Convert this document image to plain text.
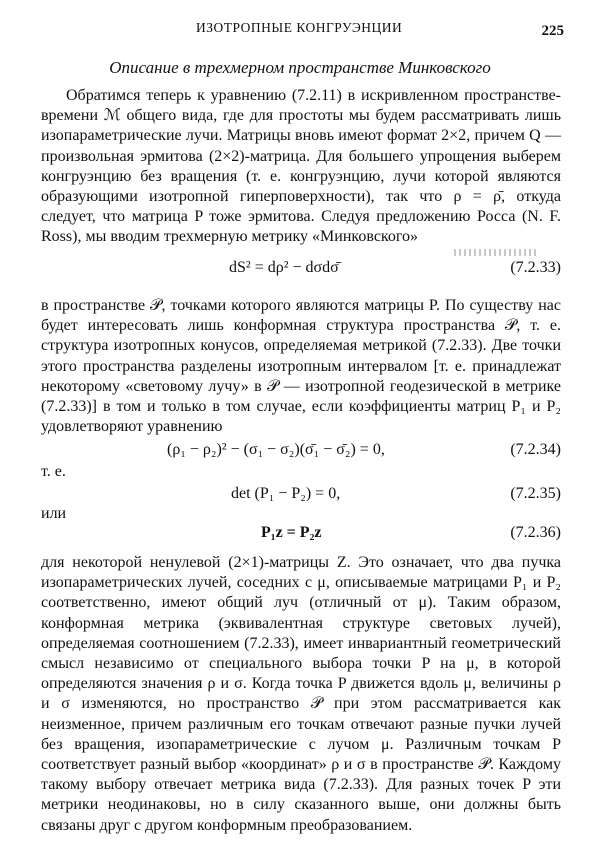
ИЗОТРОПНЫЕ КОНГРУЭНЦИИ	225
Описание в трехмерном пространстве Минковского

Обратимся теперь к уравнению (7.2.11) в искривленном пространстве-времени ℳ общего вида, где для простоты мы будем рассматривать лишь изопараметрические лучи. Матрицы вновь имеют формат 2×2, причем Q — произвольная эрмитова (2×2)-матрица. Для большего упрощения выберем конгруэнцию без вращения (т. е. конгруэнцию, лучи которой являются образующими изотропной гиперповерхности), так что ρ = ρ̄, откуда следует, что матрица P тоже эрмитова. Следуя предложению Росса (N. F. Ross), мы вводим трехмерную метрику «Минковского»

dS² = dρ² − dσdσ̄	(7.2.33)

в пространстве 𝒫, точками которого являются матрицы P. По существу нас будет интересовать лишь конформная структура пространства 𝒫, т. е. структура изотропных конусов, определяемая метрикой (7.2.33). Две точки этого пространства разделены изотропным интервалом [т. е. принадлежат некоторому «световому лучу» в 𝒫 — изотропной геодезической в метрике (7.2.33)] в том и только в том случае, если коэффициенты матриц P₁ и P₂ удовлетворяют уравнению

(ρ₁ − ρ₂)² − (σ₁ − σ₂)(σ̄₁ − σ̄₂) = 0,	(7.2.34)
т. е.
det (P₁ − P₂) = 0,	(7.2.35)
или
P₁z = P₂z	(7.2.36)

для некоторой ненулевой (2×1)-матрицы Z. Это означает, что два пучка изопараметрических лучей, соседних с μ, описываемые матрицами P₁ и P₂ соответственно, имеют общий луч (отличный от μ). Таким образом, конформная метрика (эквивалентная структуре световых лучей), определяемая соотношением (7.2.33), имеет инвариантный геометрический смысл независимо от специального выбора точки P на μ, в которой определяются значения ρ и σ. Когда точка P движется вдоль μ, величины ρ и σ изменяются, но пространство 𝒫 при этом рассматривается как неизменное, причем различным его точкам отвечают разные пучки лучей без вращения, изопараметрические с лучом μ. Различным точкам P соответствует разный выбор «координат» ρ и σ в пространстве 𝒫. Каждому такому выбору отвечает метрика вида (7.2.33). Для разных точек P эти метрики неодинаковы, но в силу сказанного выше, они должны быть связаны друг с другом конформным преобразованием.
